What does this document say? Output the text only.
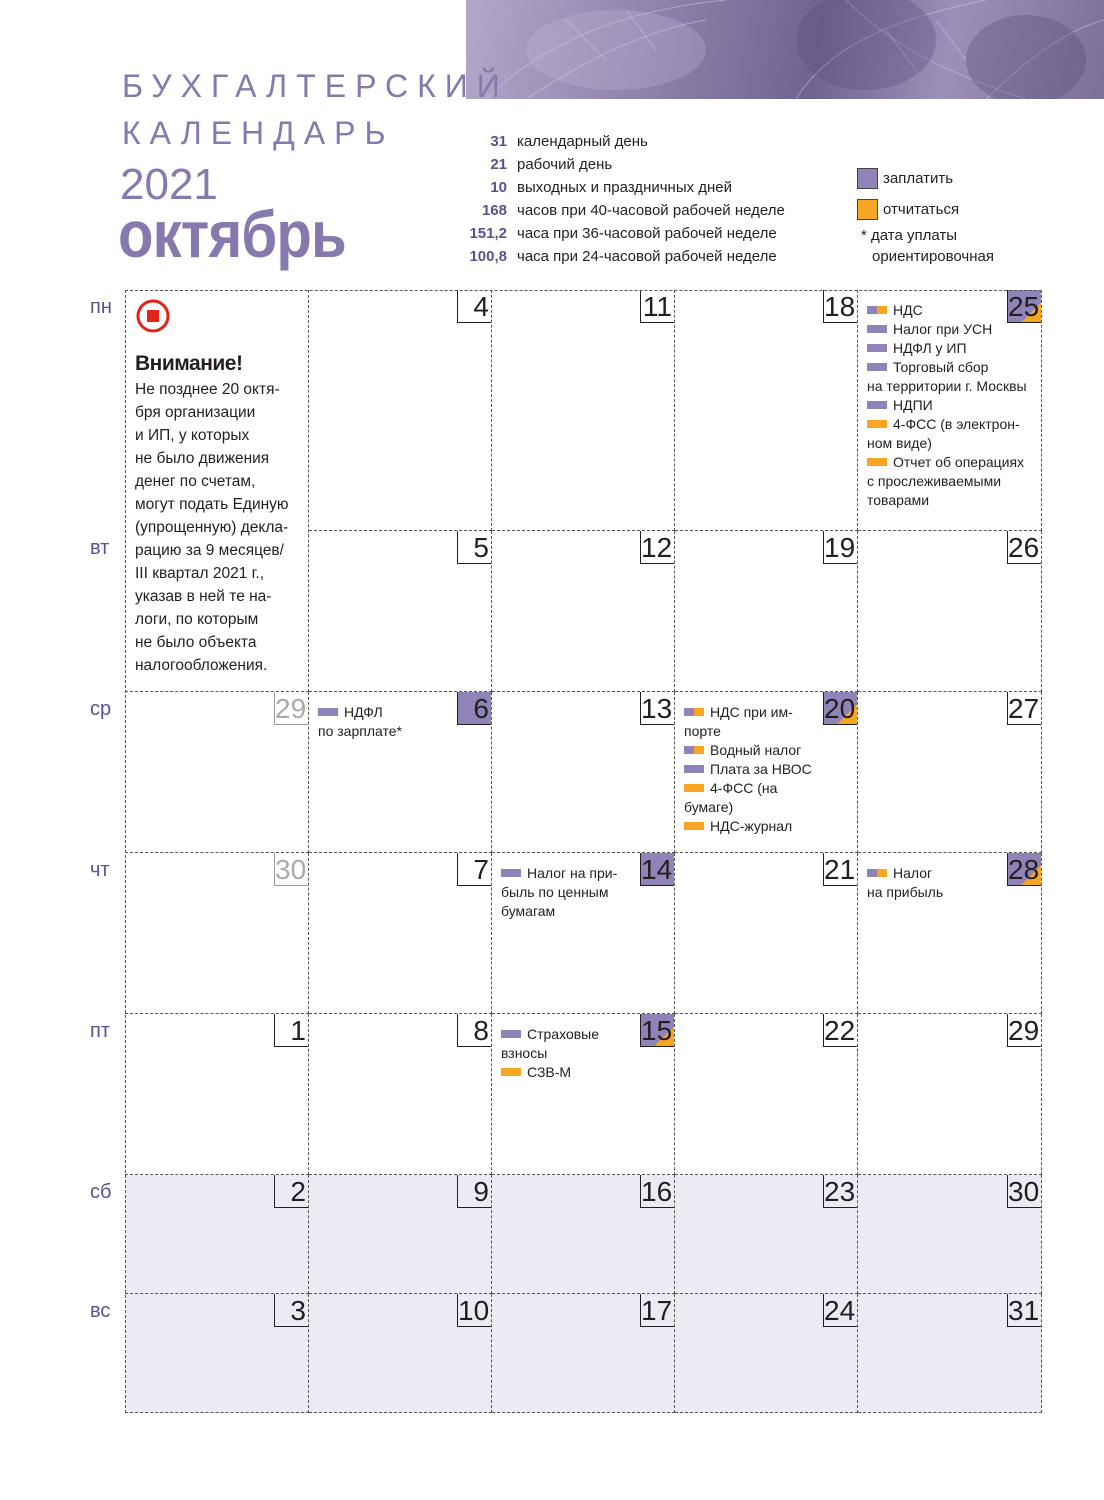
БУХГАЛТЕРСКИЙ
КАЛЕНДАРЬ
2021
октябрь
31 календарный день
21 рабочий день
10 выходных и праздничных дней
168 часов при 40-часовой рабочей неделе
151,2 часа при 36-часовой рабочей неделе
100,8 часа при 24-часовой рабочей неделе
заплатить
отчитаться
* дата уплаты
ориентировочная
пн
вт
ср
чт
пт
сб
вс
Внимание!
Не позднее 20 октя-
бря организации
и ИП, у которых
не было движения
денег по счетам,
могут подать Единую
(упрощенную) декла-
рацию за 9 месяцев/
III квартал 2021 г.,
указав в ней те на-
логи, по которым
не было объекта
налогообложения.
29
30
1
2
3
4
5
6
НДФЛ
по зарплате*
7
8
9
10
11
12
13
14
Налог на при-
быль по ценным
бумагам
15
Страховые
взносы
СЗВ-М
16
17
18
19
20
НДС при им-
порте
Водный налог
Плата за НВОС
4-ФСС (на бумаге)
НДС-журнал
21
22
23
24
25
НДС
Налог при УСН
НДФЛ у ИП
Торговый сбор
на территории г. Москвы
НДПИ
4-ФСС (в электрон-
ном виде)
Отчет об операциях
с прослеживаемыми
товарами
26
27
28
Налог
на прибыль
29
30
31
